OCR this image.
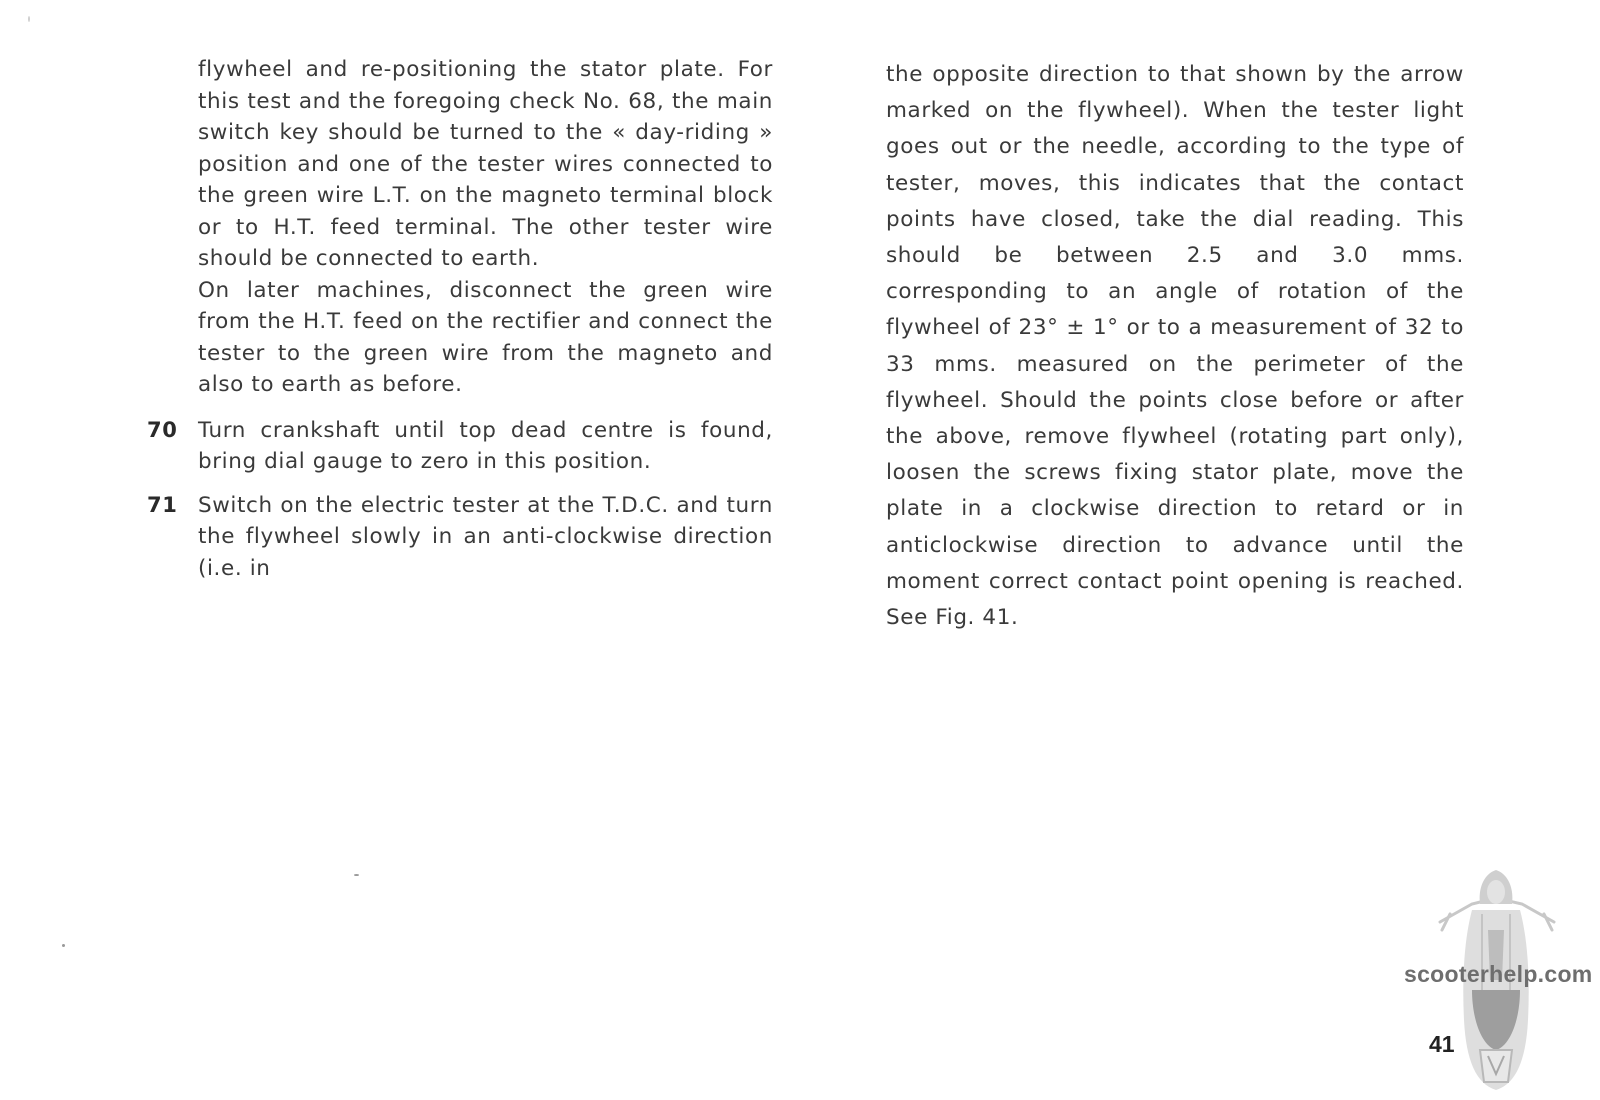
flywheel and re-positioning the stator plate. For this test and the foregoing check No. 68, the main switch key should be turned to the « day-riding » position and one of the tester wires connected to the green wire L.T. on the magneto terminal block or to H.T. feed terminal. The other tester wire should be connected to earth.

On later machines, disconnect the green wire from the H.T. feed on the rectifier and connect the tester to the green wire from the magneto and also to earth as before.

70 Turn crankshaft until top dead centre is found, bring dial gauge to zero in this position.

71 Switch on the electric tester at the T.D.C. and turn the flywheel slowly in an anti-clockwise direction (i.e. in

the opposite direction to that shown by the arrow marked on the flywheel). When the tester light goes out or the needle, according to the type of tester, moves, this indicates that the contact points have closed, take the dial reading. This should be between 2.5 and 3.0 mms. corresponding to an angle of rotation of the flywheel of 23° ± 1° or to a measurement of 32 to 33 mms. measured on the perimeter of the flywheel. Should the points close before or after the above, remove flywheel (rotating part only), loosen the screws fixing stator plate, move the plate in a clockwise direction to retard or in anticlockwise direction to advance until the moment correct contact point opening is reached. See Fig. 41.

scooterhelp.com
41
